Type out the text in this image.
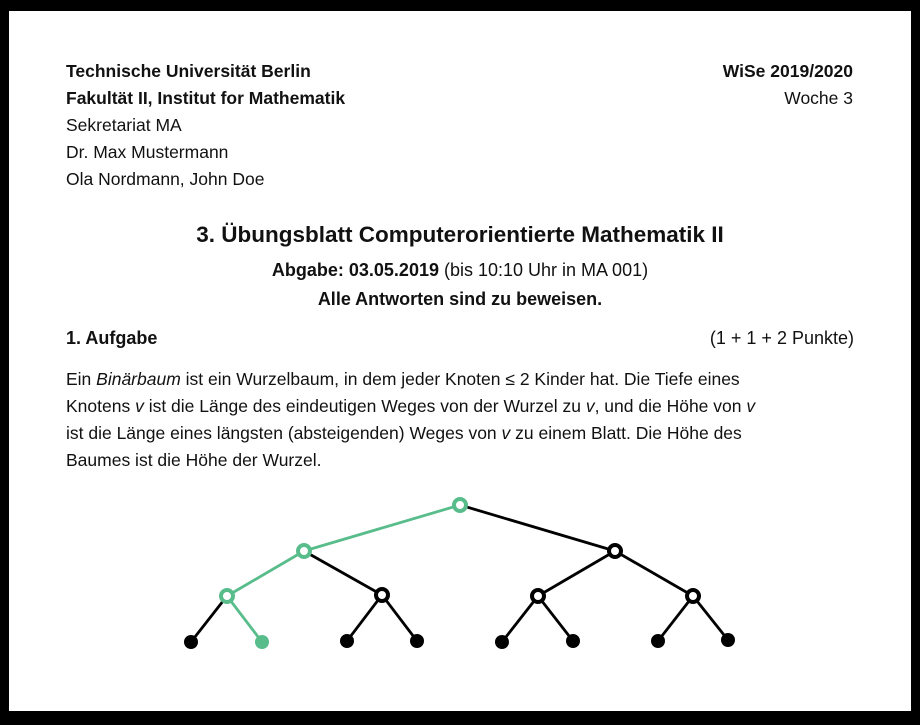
Technische Universität Berlin
Fakultät II, Institut for Mathematik
Sekretariat MA
Dr. Max Mustermann
Ola Nordmann, John Doe
WiSe 2019/2020
Woche 3
3. Übungsblatt Computerorientierte Mathematik II
Abgabe: 03.05.2019 (bis 10:10 Uhr in MA 001)
Alle Antworten sind zu beweisen.
1. Aufgabe	(1 + 1 + 2 Punkte)
Ein Binärbaum ist ein Wurzelbaum, in dem jeder Knoten ≤ 2 Kinder hat. Die Tiefe eines
Knotens v ist die Länge des eindeutigen Weges von der Wurzel zu v, und die Höhe von v
ist die Länge eines längsten (absteigenden) Weges von v zu einem Blatt. Die Höhe des
Baumes ist die Höhe der Wurzel.
